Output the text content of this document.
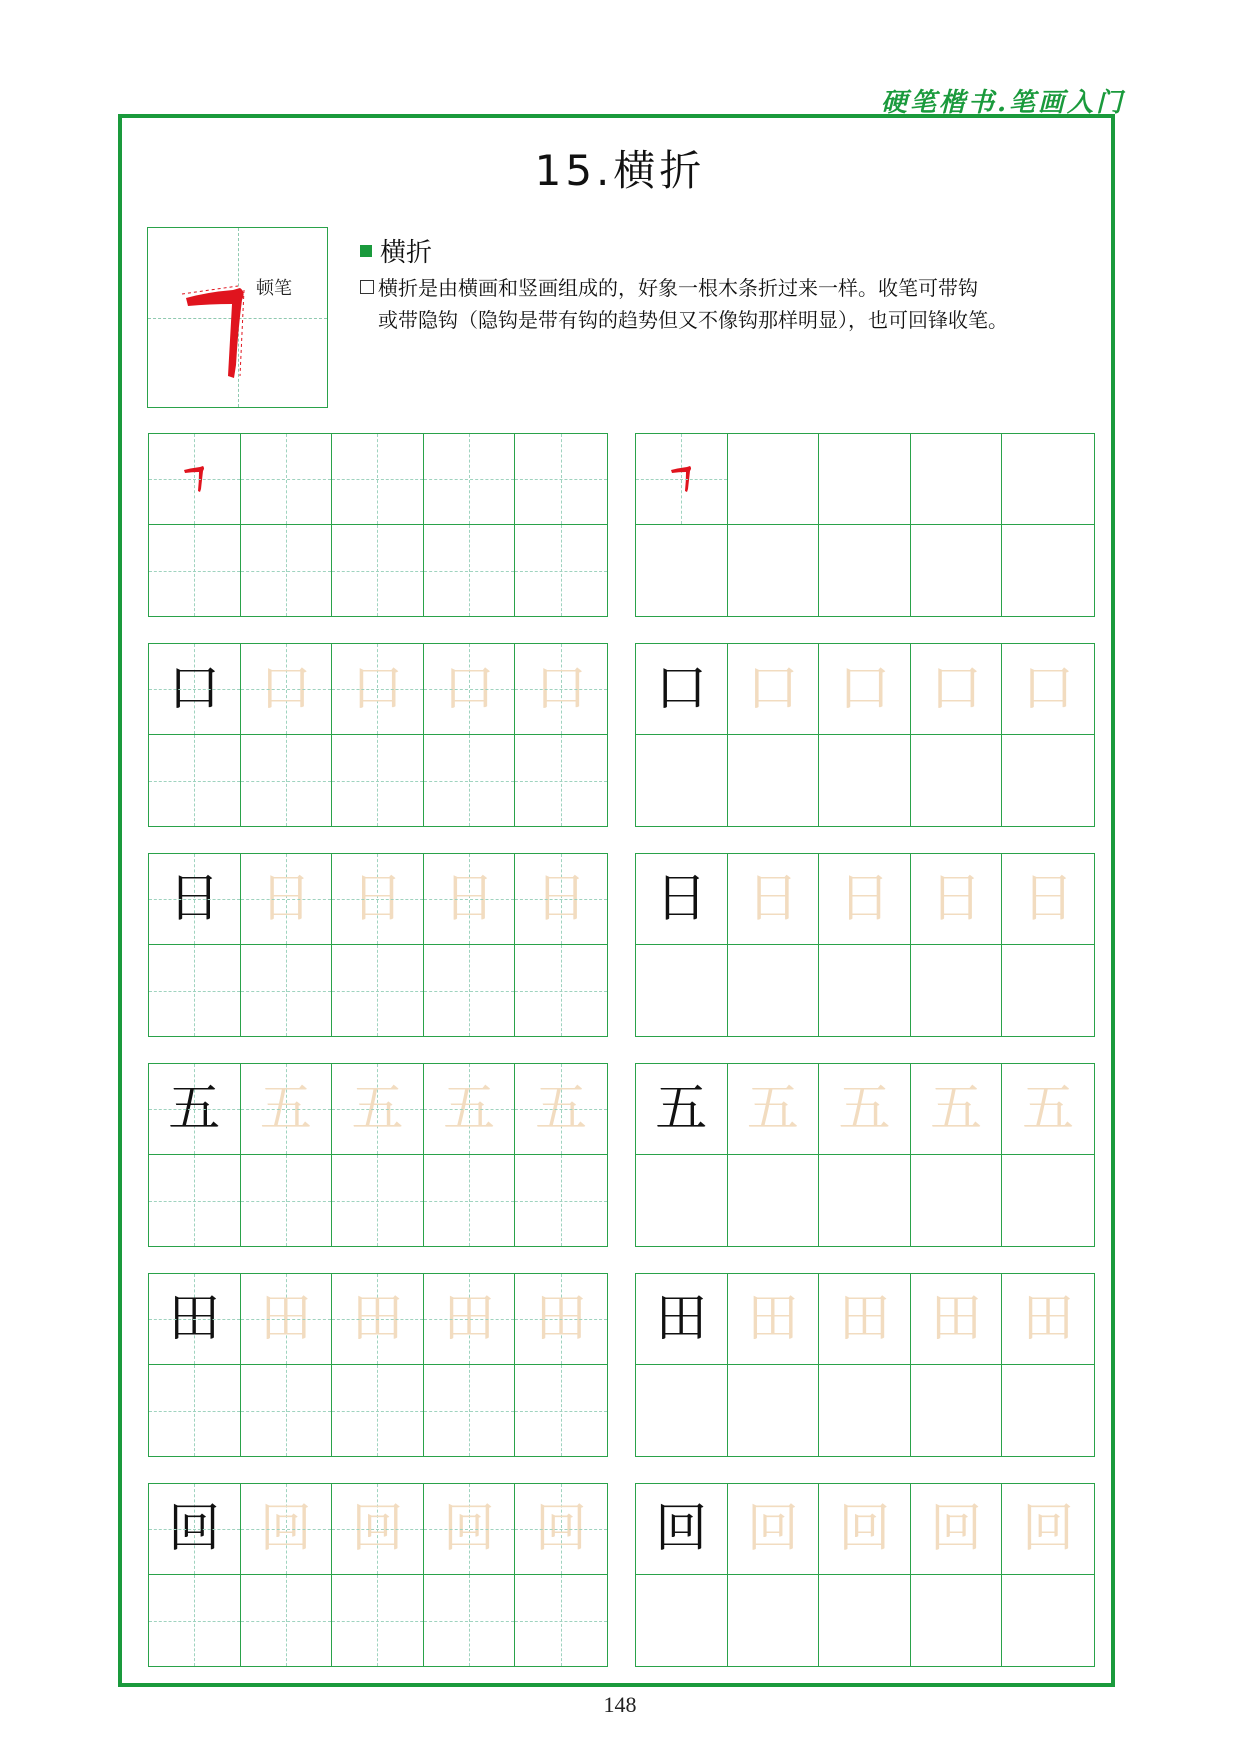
硬笔楷书.笔画入门
15.横折
顿笔
横折
横折是由横画和竖画组成的，好象一根木条折过来一样。收笔可带钩
或带隐钩（隐钩是带有钩的趋势但又不像钩那样明显），也可回锋收笔。
口 口 口 口 口	口 口 口 口 口
日 日 日 日 日	日 日 日 日 日
五 五 五 五 五	五 五 五 五 五
田 田 田 田 田	田 田 田 田 田
回 回 回 回 回	回 回 回 回 回
148
